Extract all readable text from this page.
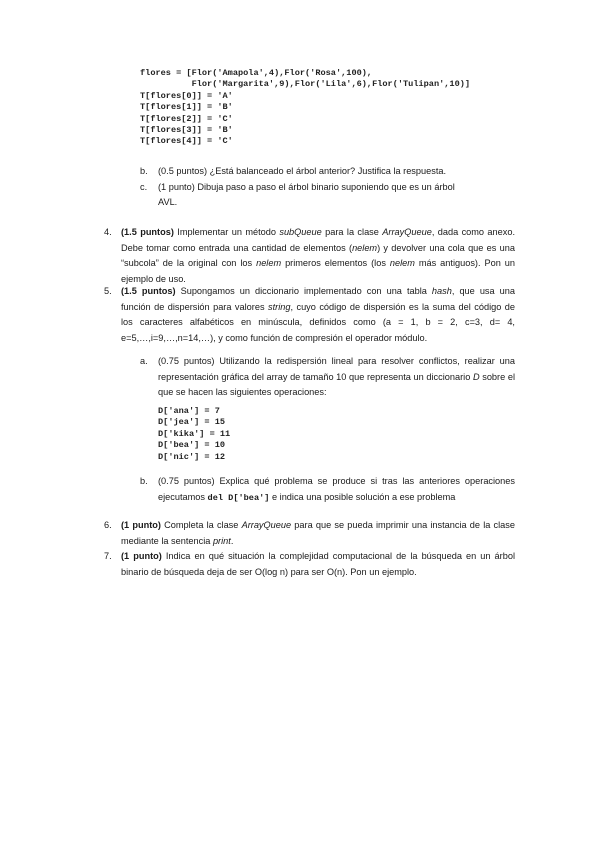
flores = [Flor('Amapola',4),Flor('Rosa',100),
Flor('Margarita',9),Flor('Lila',6),Flor('Tulipan',10)]
T[flores[0]] = 'A'
T[flores[1]] = 'B'
T[flores[2]] = 'C'
T[flores[3]] = 'B'
T[flores[4]] = 'C'
b. (0.5 puntos) ¿Está balanceado el árbol anterior? Justifica la respuesta.
c. (1 punto) Dibuja paso a paso el árbol binario suponiendo que es un árbol
AVL.
4. (1.5 puntos) Implementar un método subQueue para la clase ArrayQueue, dada como anexo. Debe tomar como entrada una cantidad de elementos (nelem) y devolver una cola que es una “subcola” de la original con los nelem primeros elementos (los nelem más antiguos). Pon un ejemplo de uso.
5. (1.5 puntos) Supongamos un diccionario implementado con una tabla hash, que usa una función de dispersión para valores string, cuyo código de dispersión es la suma del código de los caracteres alfabéticos en minúscula, definidos como (a = 1, b = 2, c=3, d= 4, e=5,…,i=9,…,n=14,…), y como función de compresión el operador módulo.
a. (0.75 puntos) Utilizando la redispersión lineal para resolver conflictos, realizar una representación gráfica del array de tamaño 10 que representa un diccionario D sobre el que se hacen las siguientes operaciones:
D['ana'] = 7
D['jea'] = 15
D['kika'] = 11
D['bea'] = 10
D['nic'] = 12
b. (0.75 puntos) Explica qué problema se produce si tras las anteriores operaciones ejecutamos del D['bea'] e indica una posible solución a ese problema
6. (1 punto) Completa la clase ArrayQueue para que se pueda imprimir una instancia de la clase mediante la sentencia print.
7. (1 punto) Indica en qué situación la complejidad computacional de la búsqueda en un árbol binario de búsqueda deja de ser O(log n) para ser O(n). Pon un ejemplo.
